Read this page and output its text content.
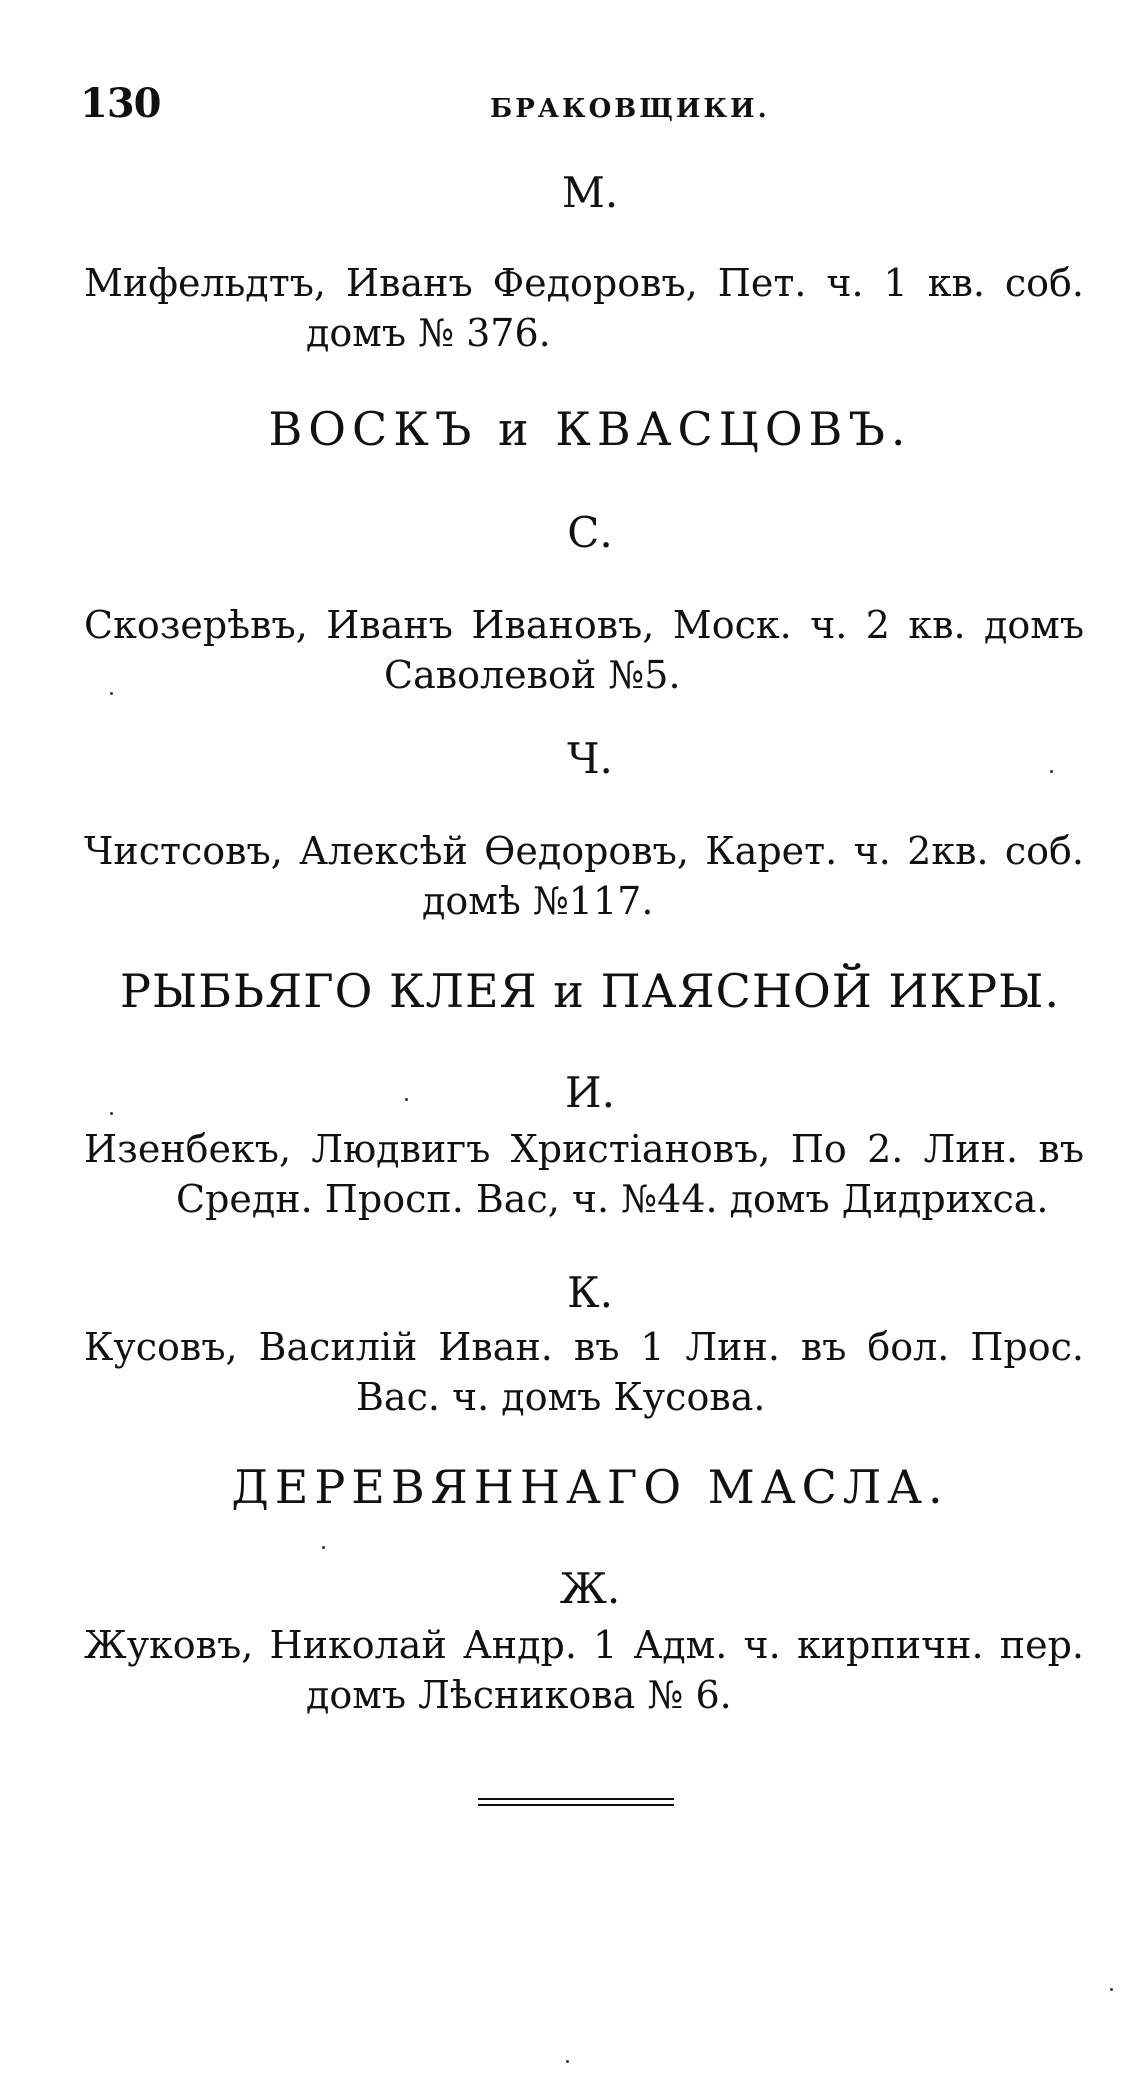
130	БРАКОВЩИКИ.
М.
Мифельдтъ, Иванъ Федоровъ, Пет. ч. 1 кв. соб.
домъ № 376.
ВОСКЪ и КВАСЦОВЪ.
С.
Скозерѣвъ, Иванъ Ивановъ, Моск. ч. 2 кв. домъ
Саволевой №5.
Ч.
Чистсовъ, Алексѣй Өедоровъ, Карет. ч. 2кв. соб.
домѣ №117.
РЫБЬЯГО КЛЕЯ и ПАЯСНОЙ ИКРЫ.
И.
Изенбекъ, Людвигъ Христіановъ, По 2. Лин. въ
Средн. Просп. Вас, ч. №44. домъ Дидрихса.
К.
Кусовъ, Василій Иван. въ 1 Лин. въ бол. Прос.
Вас. ч. домъ Кусова.
ДЕРЕВЯННАГО МАСЛА.
Ж.
Жуковъ, Николай Андр. 1 Адм. ч. кирпичн. пер.
домъ Лѣсникова № 6.
